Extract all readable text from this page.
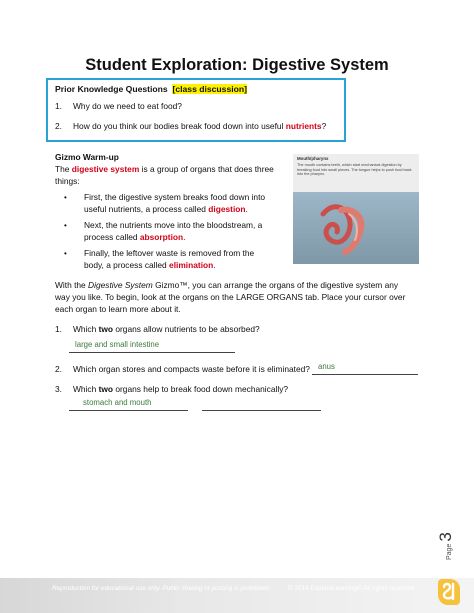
Student Exploration: Digestive System
Prior Knowledge Questions [class discussion]
1. Why do we need to eat food?
2. How do you think our bodies break food down into useful nutrients?
Gizmo Warm-up
The digestive system is a group of organs that does three
things:
• First, the digestive system breaks food down into
useful nutrients, a process called digestion.
• Next, the nutrients move into the bloodstream, a
process called absorption.
• Finally, the leftover waste is removed from the
body, a process called elimination.
Mouth/pharynx
The mouth contains teeth, which start mechanical digestion by breaking food into small pieces. The tongue helps to push food back into the pharynx.
With the Digestive System Gizmo™, you can arrange the organs of the digestive system any
way you like. To begin, look at the organs on the LARGE ORGANS tab. Place your cursor over
each organ to learn more about it.
1. Which two organs allow nutrients to be absorbed?
large and small intestine
2. Which organ stores and compacts waste before it is eliminated? anus
3. Which two organs help to break food down mechanically?
stomach and mouth
Page3
Reproduction for educational use only. Public sharing or posting is prohibited.	© 2014 ExploreLearning® All rights reserved
